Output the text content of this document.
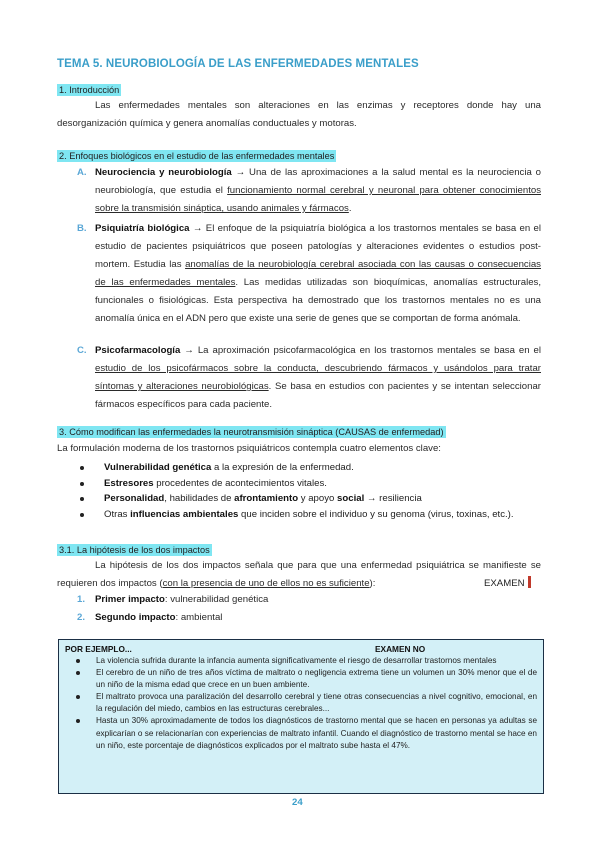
TEMA 5. NEUROBIOLOGÍA DE LAS ENFERMEDADES MENTALES
1. Introducción
Las enfermedades mentales son alteraciones en las enzimas y receptores donde hay una desorganización química y genera anomalías conductuales y motoras.
2. Enfoques biológicos en el estudio de las enfermedades mentales
A. Neurociencia y neurobiología → Una de las aproximaciones a la salud mental es la neurociencia o neurobiología, que estudia el funcionamiento normal cerebral y neuronal para obtener conocimientos sobre la transmisión sináptica, usando animales y fármacos.
B. Psiquiatría biológica → El enfoque de la psiquiatría biológica a los trastornos mentales se basa en el estudio de pacientes psiquiátricos que poseen patologías y alteraciones evidentes o estudios post-mortem. Estudia las anomalías de la neurobiología cerebral asociada con las causas o consecuencias de las enfermedades mentales. Las medidas utilizadas son bioquímicas, anomalías estructurales, funcionales o fisiológicas. Esta perspectiva ha demostrado que los trastornos mentales no es una anomalía única en el ADN pero que existe una serie de genes que se comportan de forma anómala.
C. Psicofarmacología → La aproximación psicofarmacológica en los trastornos mentales se basa en el estudio de los psicofármacos sobre la conducta, descubriendo fármacos y usándolos para tratar síntomas y alteraciones neurobiológicas. Se basa en estudios con pacientes y se intentan seleccionar fármacos específicos para cada paciente.
3. Cómo modifican las enfermedades la neurotransmisión sináptica (CAUSAS de enfermedad)
La formulación moderna de los trastornos psiquiátricos contempla cuatro elementos clave:
Vulnerabilidad genética a la expresión de la enfermedad.
Estresores procedentes de acontecimientos vitales.
Personalidad, habilidades de afrontamiento y apoyo social → resiliencia
Otras influencias ambientales que inciden sobre el individuo y su genoma (virus, toxinas, etc.).
3.1. La hipótesis de los dos impactos
La hipótesis de los dos impactos señala que para que una enfermedad psiquiátrica se manifieste se requieren dos impactos (con la presencia de uno de ellos no es suficiente):	EXAMEN
1. Primer impacto: vulnerabilidad genética
2. Segundo impacto: ambiental
POR EJEMPLO...	EXAMEN NO
La violencia sufrida durante la infancia aumenta significativamente el riesgo de desarrollar trastornos mentales
El cerebro de un niño de tres años víctima de maltrato o negligencia extrema tiene un volumen un 30% menor que el de un niño de la misma edad que crece en un buen ambiente.
El maltrato provoca una paralización del desarrollo cerebral y tiene otras consecuencias a nivel cognitivo, emocional, en la regulación del miedo, cambios en las estructuras cerebrales...
Hasta un 30% aproximadamente de todos los diagnósticos de trastorno mental que se hacen en personas ya adultas se explicarían o se relacionarían con experiencias de maltrato infantil. Cuando el diagnóstico de trastorno mental se hace en un niño, este porcentaje de diagnósticos explicados por el maltrato sube hasta el 47%.
24
